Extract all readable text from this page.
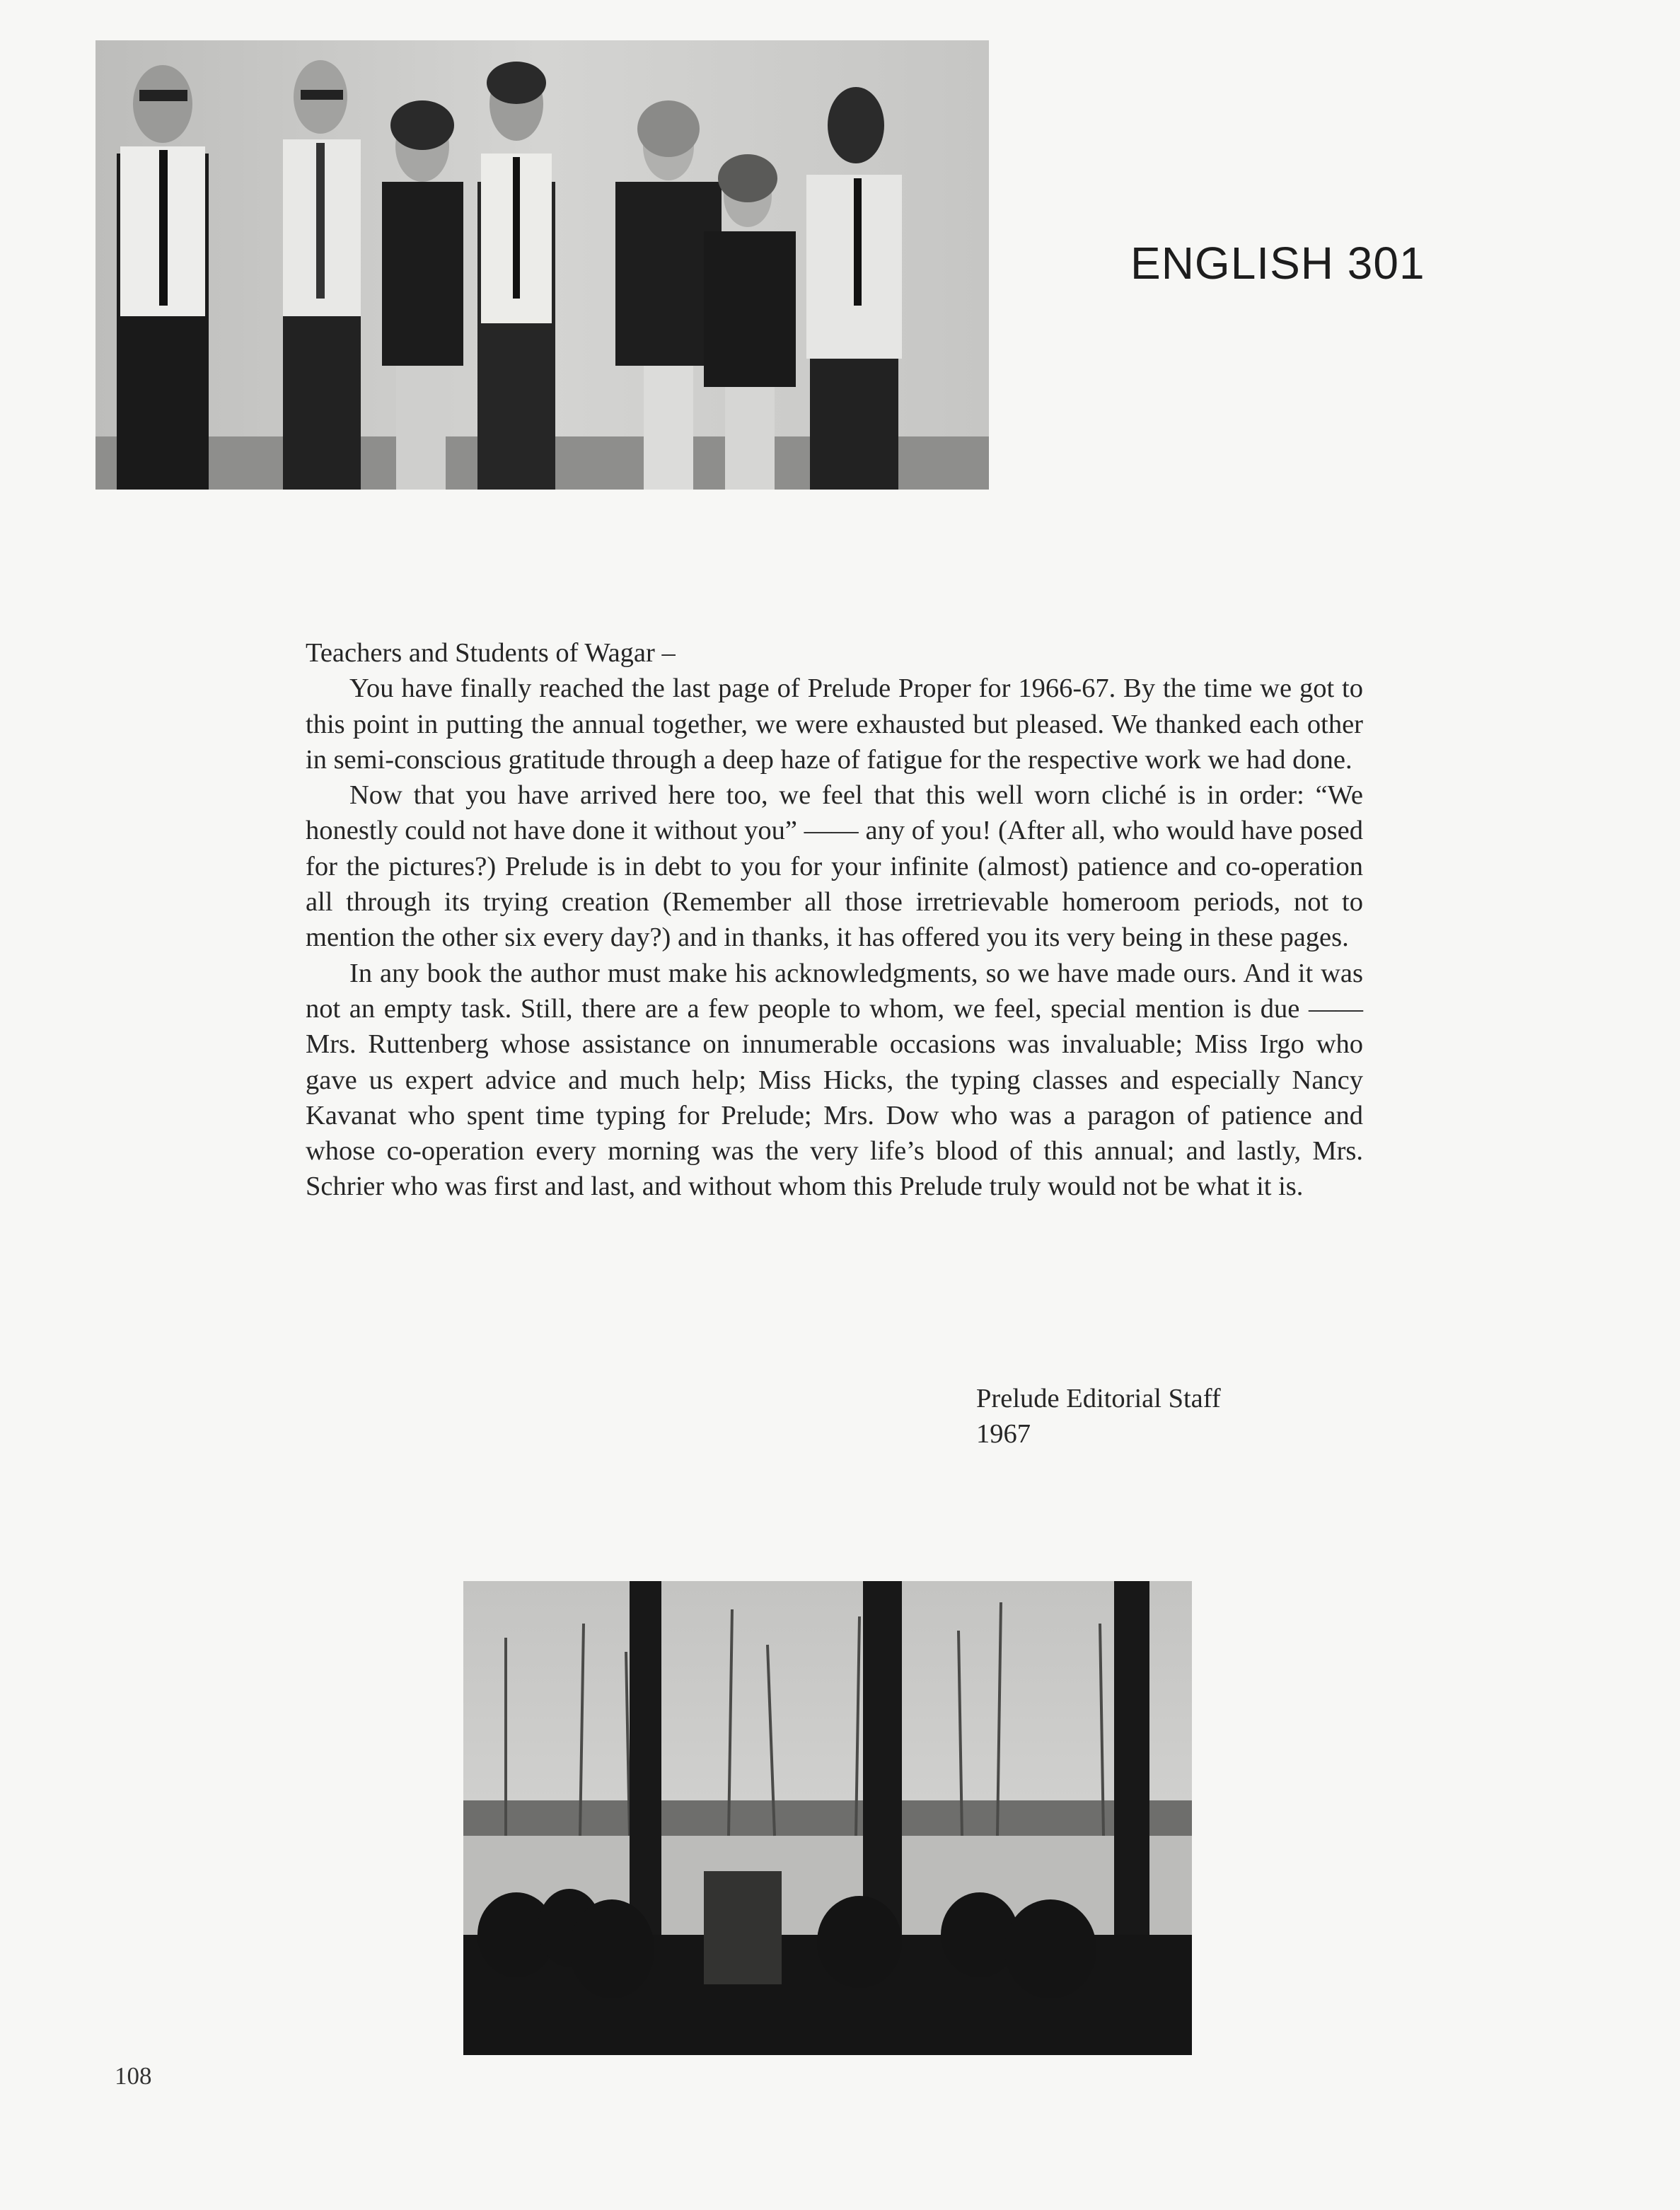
ENGLISH 301

Teachers and Students of Wagar –

You have finally reached the last page of Prelude Proper for 1966-67. By the time we got to this point in putting the annual together, we were exhausted but pleased. We thanked each other in semi-conscious gratitude through a deep haze of fatigue for the respective work we had done.

Now that you have arrived here too, we feel that this well worn cliché is in order: “We honestly could not have done it without you” —— any of you! (After all, who would have posed for the pictures?) Prelude is in debt to you for your infinite (almost) patience and co-operation all through its trying creation (Remember all those irretrievable homeroom periods, not to mention the other six every day?) and in thanks, it has offered you its very being in these pages.

In any book the author must make his acknowledgments, so we have made ours. And it was not an empty task. Still, there are a few people to whom, we feel, special mention is due —— Mrs. Ruttenberg whose assistance on innumerable occasions was invaluable; Miss Irgo who gave us expert advice and much help; Miss Hicks, the typing classes and especially Nancy Kavanat who spent time typing for Prelude; Mrs. Dow who was a paragon of patience and whose co-operation every morning was the very life’s blood of this annual; and lastly, Mrs. Schrier who was first and last, and without whom this Prelude truly would not be what it is.

Prelude Editorial Staff
1967
108
